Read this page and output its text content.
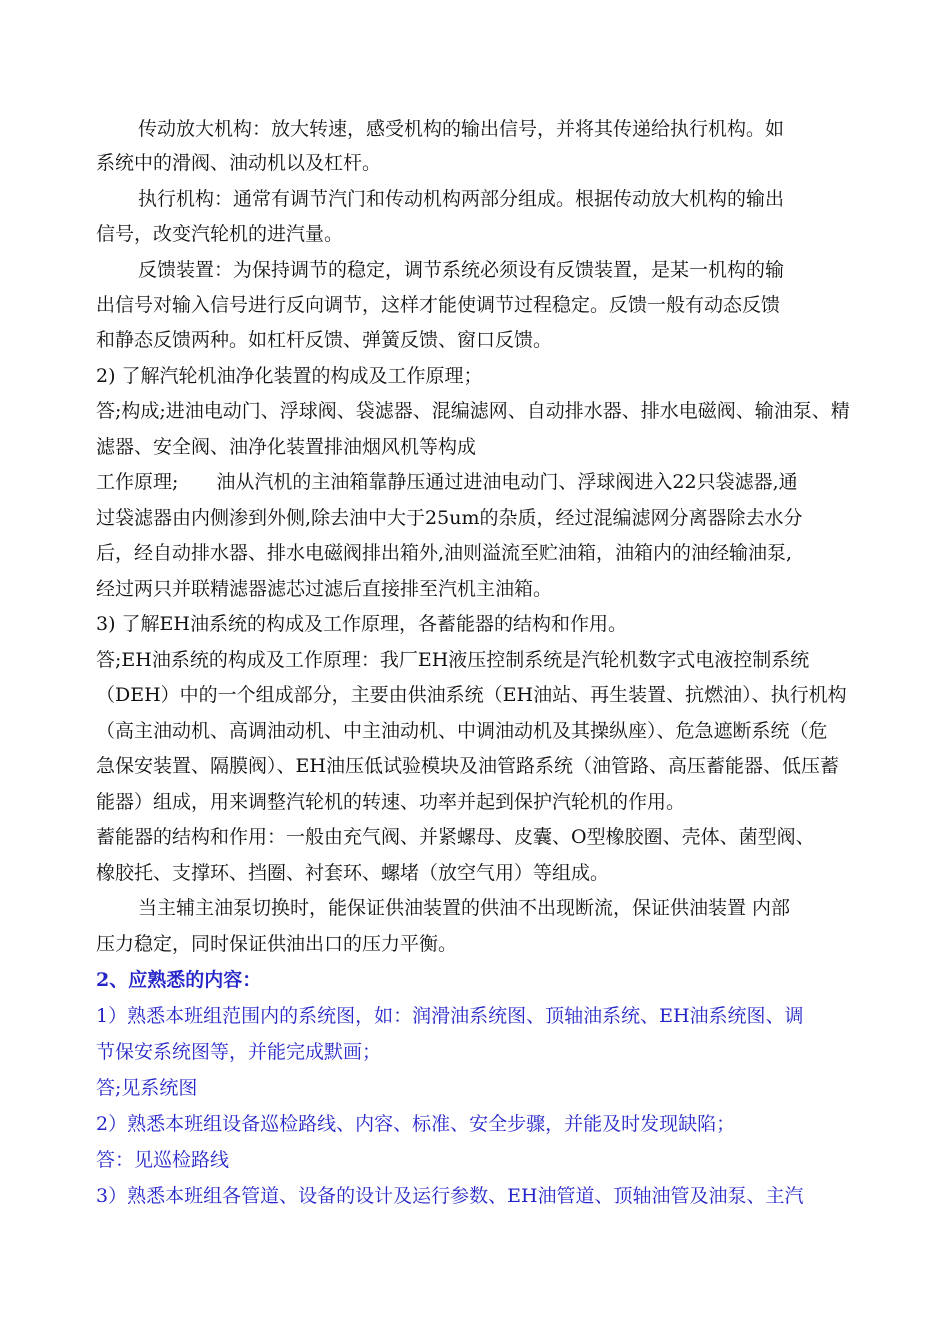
传动放大机构：放大转速，感受机构的输出信号，并将其传递给执行机构。如
系统中的滑阀、油动机以及杠杆。
执行机构：通常有调节汽门和传动机构两部分组成。根据传动放大机构的输出
信号，改变汽轮机的进汽量。
反馈装置：为保持调节的稳定，调节系统必须设有反馈装置，是某一机构的输
出信号对输入信号进行反向调节，这样才能使调节过程稳定。反馈一般有动态反馈
和静态反馈两种。如杠杆反馈、弹簧反馈、窗口反馈。
2) 了解汽轮机油净化装置的构成及工作原理；
答;构成;进油电动门、浮球阀、袋滤器、混编滤网、自动排水器、排水电磁阀、输油泵、精
滤器、安全阀、油净化装置排油烟风机等构成
工作原理;　　油从汽机的主油箱靠静压通过进油电动门、浮球阀进入22只袋滤器,通
过袋滤器由内侧渗到外侧,除去油中大于25um的杂质，经过混编滤网分离器除去水分
后，经自动排水器、排水电磁阀排出箱外,油则溢流至贮油箱，油箱内的油经输油泵,
经过两只并联精滤器滤芯过滤后直接排至汽机主油箱。
3) 了解EH油系统的构成及工作原理，各蓄能器的结构和作用。
答;EH油系统的构成及工作原理：我厂EH液压控制系统是汽轮机数字式电液控制系统
（DEH）中的一个组成部分，主要由供油系统（EH油站、再生装置、抗燃油）、执行机构
（高主油动机、高调油动机、中主油动机、中调油动机及其操纵座）、危急遮断系统（危
急保安装置、隔膜阀）、EH油压低试验模块及油管路系统（油管路、高压蓄能器、低压蓄
能器）组成，用来调整汽轮机的转速、功率并起到保护汽轮机的作用。
蓄能器的结构和作用：一般由充气阀、并紧螺母、皮囊、O型橡胶圈、壳体、菌型阀、
橡胶托、支撑环、挡圈、衬套环、螺堵（放空气用）等组成。
当主辅主油泵切换时，能保证供油装置的供油不出现断流，保证供油装置 内部
压力稳定，同时保证供油出口的压力平衡。
2、应熟悉的内容：
1）熟悉本班组范围内的系统图，如：润滑油系统图、顶轴油系统、EH油系统图、调
节保安系统图等，并能完成默画；
答;见系统图
2）熟悉本班组设备巡检路线、内容、标准、安全步骤，并能及时发现缺陷；
答：见巡检路线
3）熟悉本班组各管道、设备的设计及运行参数、EH油管道、顶轴油管及油泵、主汽
